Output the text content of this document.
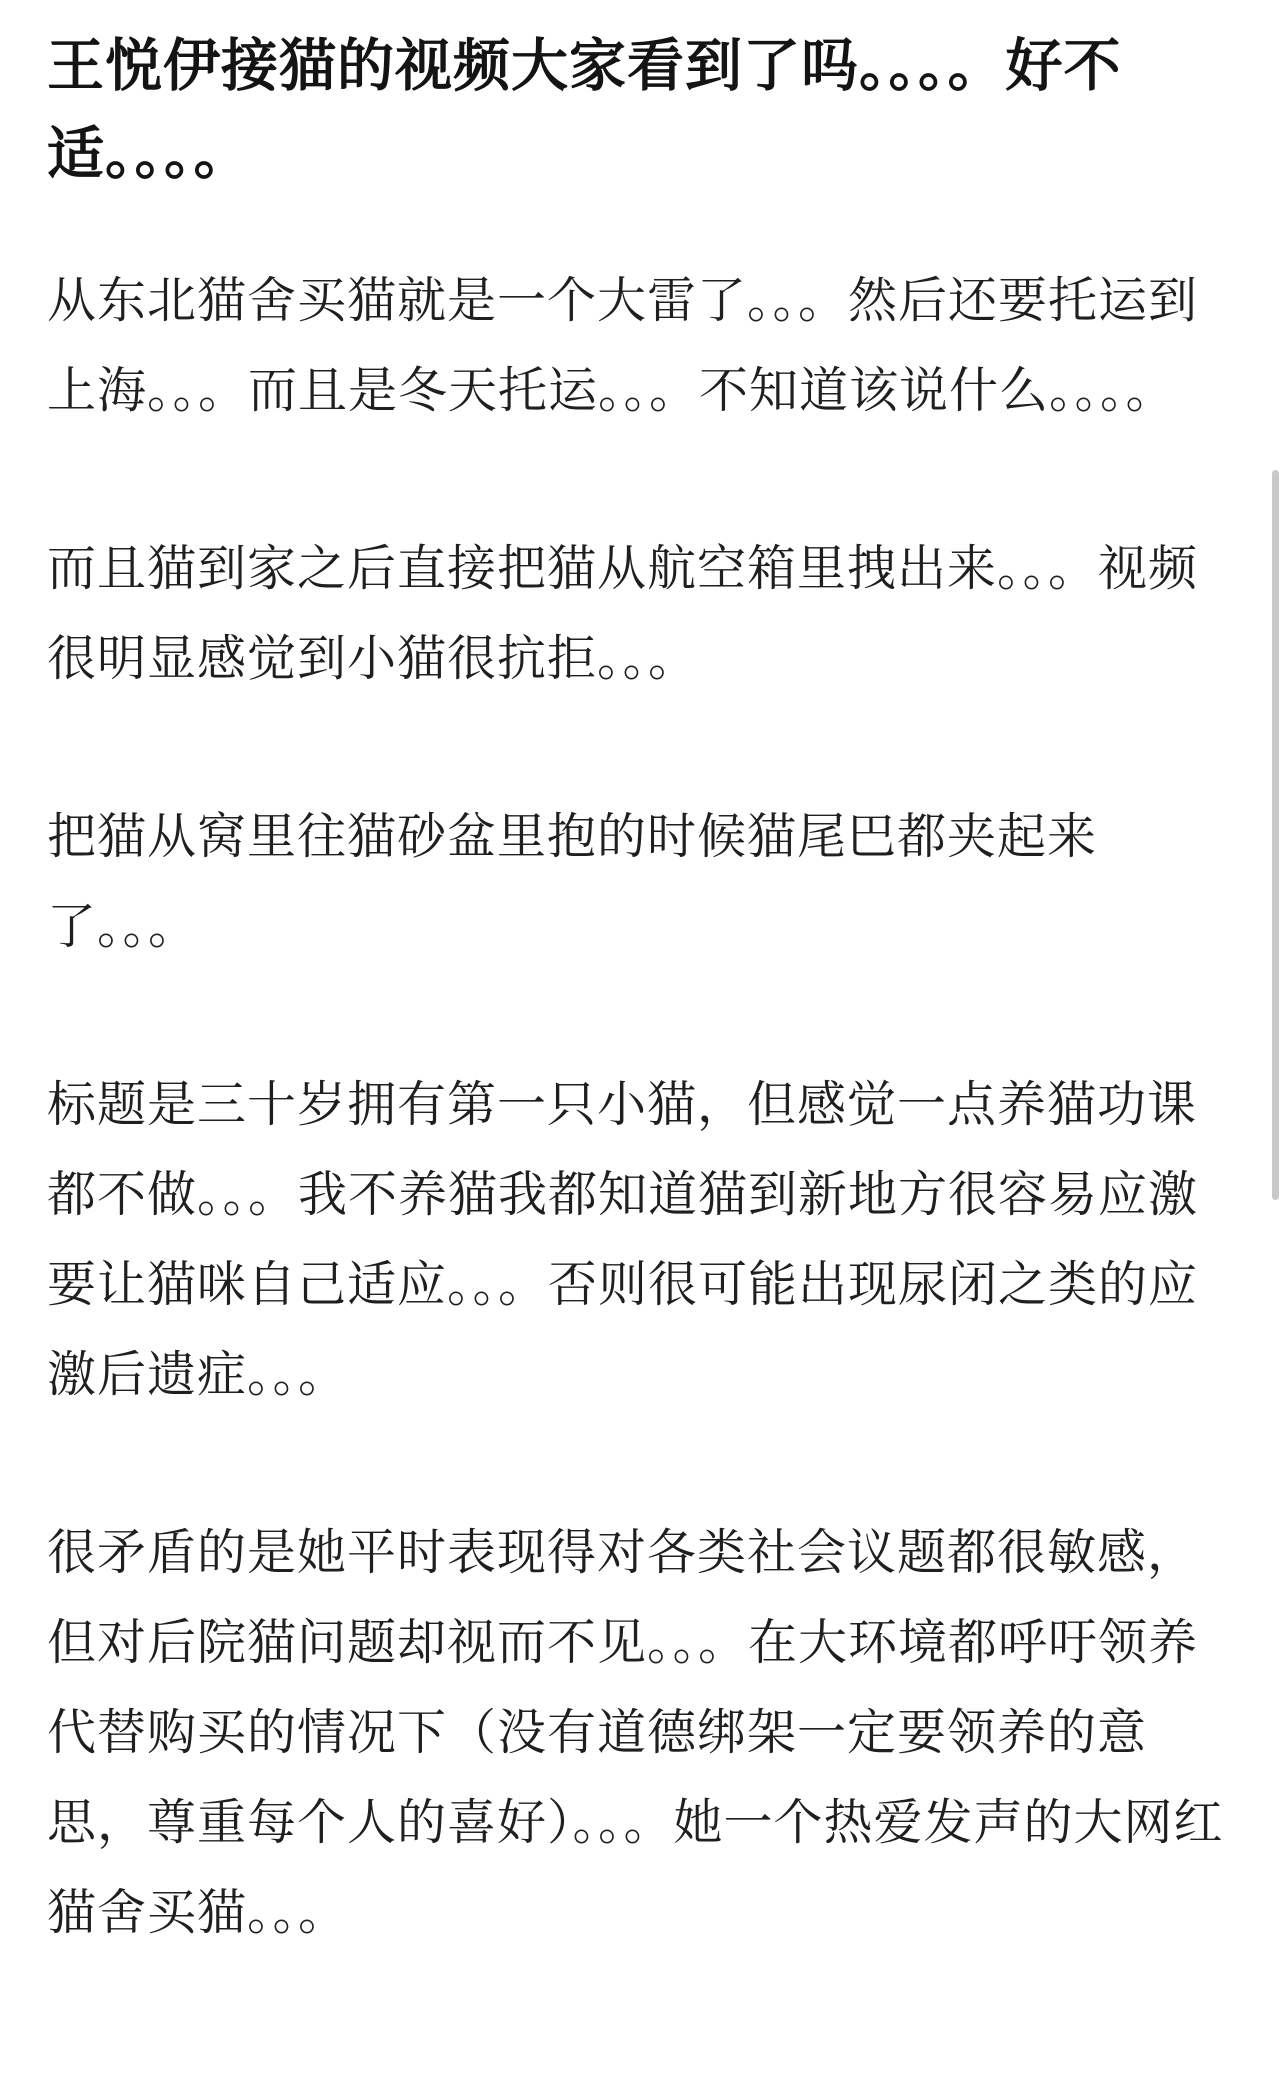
王悦伊接猫的视频大家看到了吗。。。。好不适。。。。

从东北猫舍买猫就是一个大雷了。。。然后还要托运到上海。。。而且是冬天托运。。。不知道该说什么。。。。

而且猫到家之后直接把猫从航空箱里拽出来。。。视频很明显感觉到小猫很抗拒。。。

把猫从窝里往猫砂盆里抱的时候猫尾巴都夹起来了。。。

标题是三十岁拥有第一只小猫，但感觉一点养猫功课都不做。。。我不养猫我都知道猫到新地方很容易应激要让猫咪自己适应。。。否则很可能出现尿闭之类的应激后遗症。。。

很矛盾的是她平时表现得对各类社会议题都很敏感，但对后院猫问题却视而不见。。。在大环境都呼吁领养代替购买的情况下（没有道德绑架一定要领养的意思，尊重每个人的喜好）。。。她一个热爱发声的大网红猫舍买猫。。。
